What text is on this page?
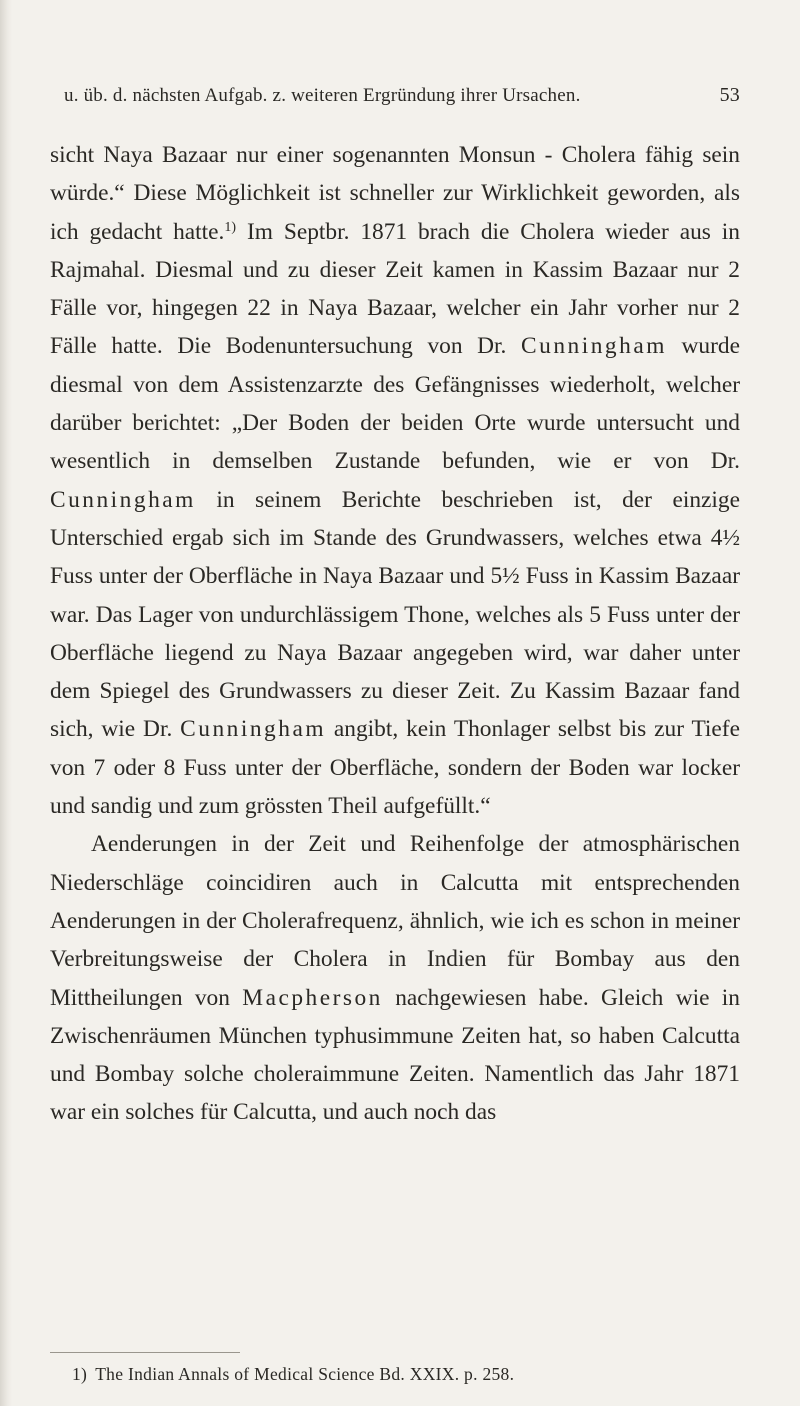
u. üb. d. nächsten Aufgab. z. weiteren Ergründung ihrer Ursachen.	53

sicht Naya Bazaar nur einer sogenannten Monsun - Cholera fähig sein würde.“ Diese Möglichkeit ist schneller zur Wirklichkeit geworden, als ich gedacht hatte.$^{1)}$ Im Septbr. 1871 brach die Cholera wieder aus in Rajmahal. Diesmal und zu dieser Zeit kamen in Kassim Bazaar nur 2 Fälle vor, hingegen 22 in Naya Bazaar, welcher ein Jahr vorher nur 2 Fälle hatte. Die Bodenuntersuchung von Dr. Cunningham wurde diesmal von dem Assistenzarzte des Gefängnisses wiederholt, welcher darüber berichtet: „Der Boden der beiden Orte wurde untersucht und wesentlich in demselben Zustande befunden, wie er von Dr. Cunningham in seinem Berichte beschrieben ist, der einzige Unterschied ergab sich im Stande des Grundwassers, welches etwa 4½ Fuss unter der Oberfläche in Naya Bazaar und 5½ Fuss in Kassim Bazaar war. Das Lager von undurchlässigem Thone, welches als 5 Fuss unter der Oberfläche liegend zu Naya Bazaar angegeben wird, war daher unter dem Spiegel des Grundwassers zu dieser Zeit. Zu Kassim Bazaar fand sich, wie Dr. Cunningham angibt, kein Thonlager selbst bis zur Tiefe von 7 oder 8 Fuss unter der Oberfläche, sondern der Boden war locker und sandig und zum grössten Theil aufgefüllt.“

Aenderungen in der Zeit und Reihenfolge der atmosphärischen Niederschläge coincidiren auch in Calcutta mit entsprechenden Aenderungen in der Cholerafrequenz, ähnlich, wie ich es schon in meiner Verbreitungsweise der Cholera in Indien für Bombay aus den Mittheilungen von Macpherson nachgewiesen habe. Gleich wie in Zwischenräumen München typhusimmune Zeiten hat, so haben Calcutta und Bombay solche choleraimmune Zeiten. Namentlich das Jahr 1871 war ein solches für Calcutta, und auch noch das

1) The Indian Annals of Medical Science Bd. XXIX. p. 258.
